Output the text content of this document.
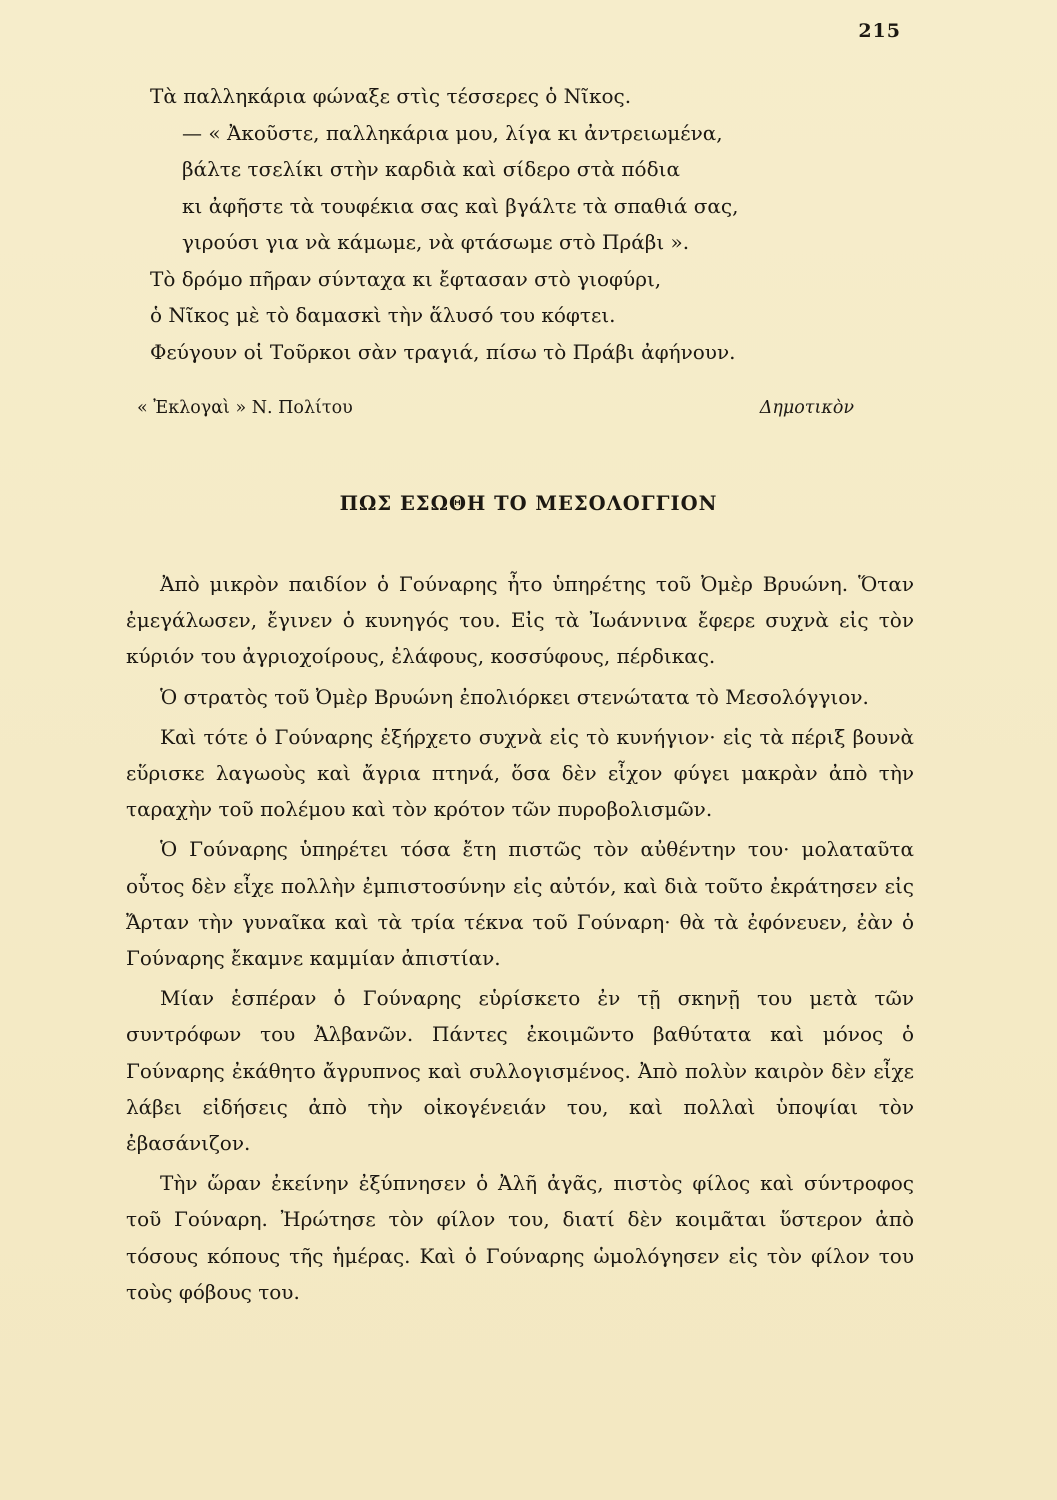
215
Τὰ παλληκάρια φώναξε στὶς τέσσερες ὁ Νῖκος.
— « Ἀκοῦστε, παλληκάρια μου, λίγα κι ἀντρειωμένα,
βάλτε τσελίκι στὴν καρδιὰ καὶ σίδερο στὰ πόδια
κι ἀφῆστε τὰ τουφέκια σας καὶ βγάλτε τὰ σπαθιά σας,
γιρούσι για νὰ κάμωμε, νὰ φτάσωμε στὸ Πράβι ».
Τὸ δρόμο πῆραν σύνταχα κι ἔφτασαν στὸ γιοφύρι,
ὁ Νῖκος μὲ τὸ δαμασκὶ τὴν ἅλυσό του κόφτει.
Φεύγουν οἱ Τοῦρκοι σὰν τραγιά, πίσω τὸ Πράβι ἀφήνουν.
« Ἐκλογαὶ » Ν. Πολίτου	Δημοτικὸν
ΠΩΣ ΕΣΩΘΗ ΤΟ ΜΕΣΟΛΟΓΓΙΟΝ

Ἀπὸ μικρὸν παιδίον ὁ Γούναρης ἦτο ὑπηρέτης τοῦ Ὀμὲρ Βρυώνη. Ὅταν ἐμεγάλωσεν, ἔγινεν ὁ κυνηγός του. Εἰς τὰ Ἰωάννινα ἔφερε συχνὰ εἰς τὸν κύριόν του ἀγριοχοίρους, ἐλάφους, κοσσύφους, πέρδικας.

Ὁ στρατὸς τοῦ Ὀμὲρ Βρυώνη ἐπολιόρκει στενώτατα τὸ Μεσολόγγιον.

Καὶ τότε ὁ Γούναρης ἐξήρχετο συχνὰ εἰς τὸ κυνήγιον· εἰς τὰ πέριξ βουνὰ εὕρισκε λαγωοὺς καὶ ἄγρια πτηνά, ὅσα δὲν εἶχον φύγει μακρὰν ἀπὸ τὴν ταραχὴν τοῦ πολέμου καὶ τὸν κρότον τῶν πυροβολισμῶν.

Ὁ Γούναρης ὑπηρέτει τόσα ἔτη πιστῶς τὸν αὐθέντην του· μολαταῦτα οὗτος δὲν εἶχε πολλὴν ἐμπιστοσύνην εἰς αὐτόν, καὶ διὰ τοῦτο ἐκράτησεν εἰς Ἄρταν τὴν γυναῖκα καὶ τὰ τρία τέκνα τοῦ Γούναρη· θὰ τὰ ἐφόνευεν, ἐὰν ὁ Γούναρης ἔκαμνε καμμίαν ἀπιστίαν.

Μίαν ἑσπέραν ὁ Γούναρης εὑρίσκετο ἐν τῇ σκηνῇ του μετὰ τῶν συντρόφων του Ἀλβανῶν. Πάντες ἐκοιμῶντο βαθύτατα καὶ μόνος ὁ Γούναρης ἐκάθητο ἄγρυπνος καὶ συλλογισμένος. Ἀπὸ πολὺν καιρὸν δὲν εἶχε λάβει εἰδήσεις ἀπὸ τὴν οἰκογένειάν του, καὶ πολλαὶ ὑποψίαι τὸν ἐβασάνιζον.

Τὴν ὥραν ἐκείνην ἐξύπνησεν ὁ Ἀλῆ ἀγᾶς, πιστὸς φίλος καὶ σύντροφος τοῦ Γούναρη. Ἠρώτησε τὸν φίλον του, διατί δὲν κοιμᾶται ὕστερον ἀπὸ τόσους κόπους τῆς ἡμέρας. Καὶ ὁ Γούναρης ὡμολόγησεν εἰς τὸν φίλον του τοὺς φόβους του.
